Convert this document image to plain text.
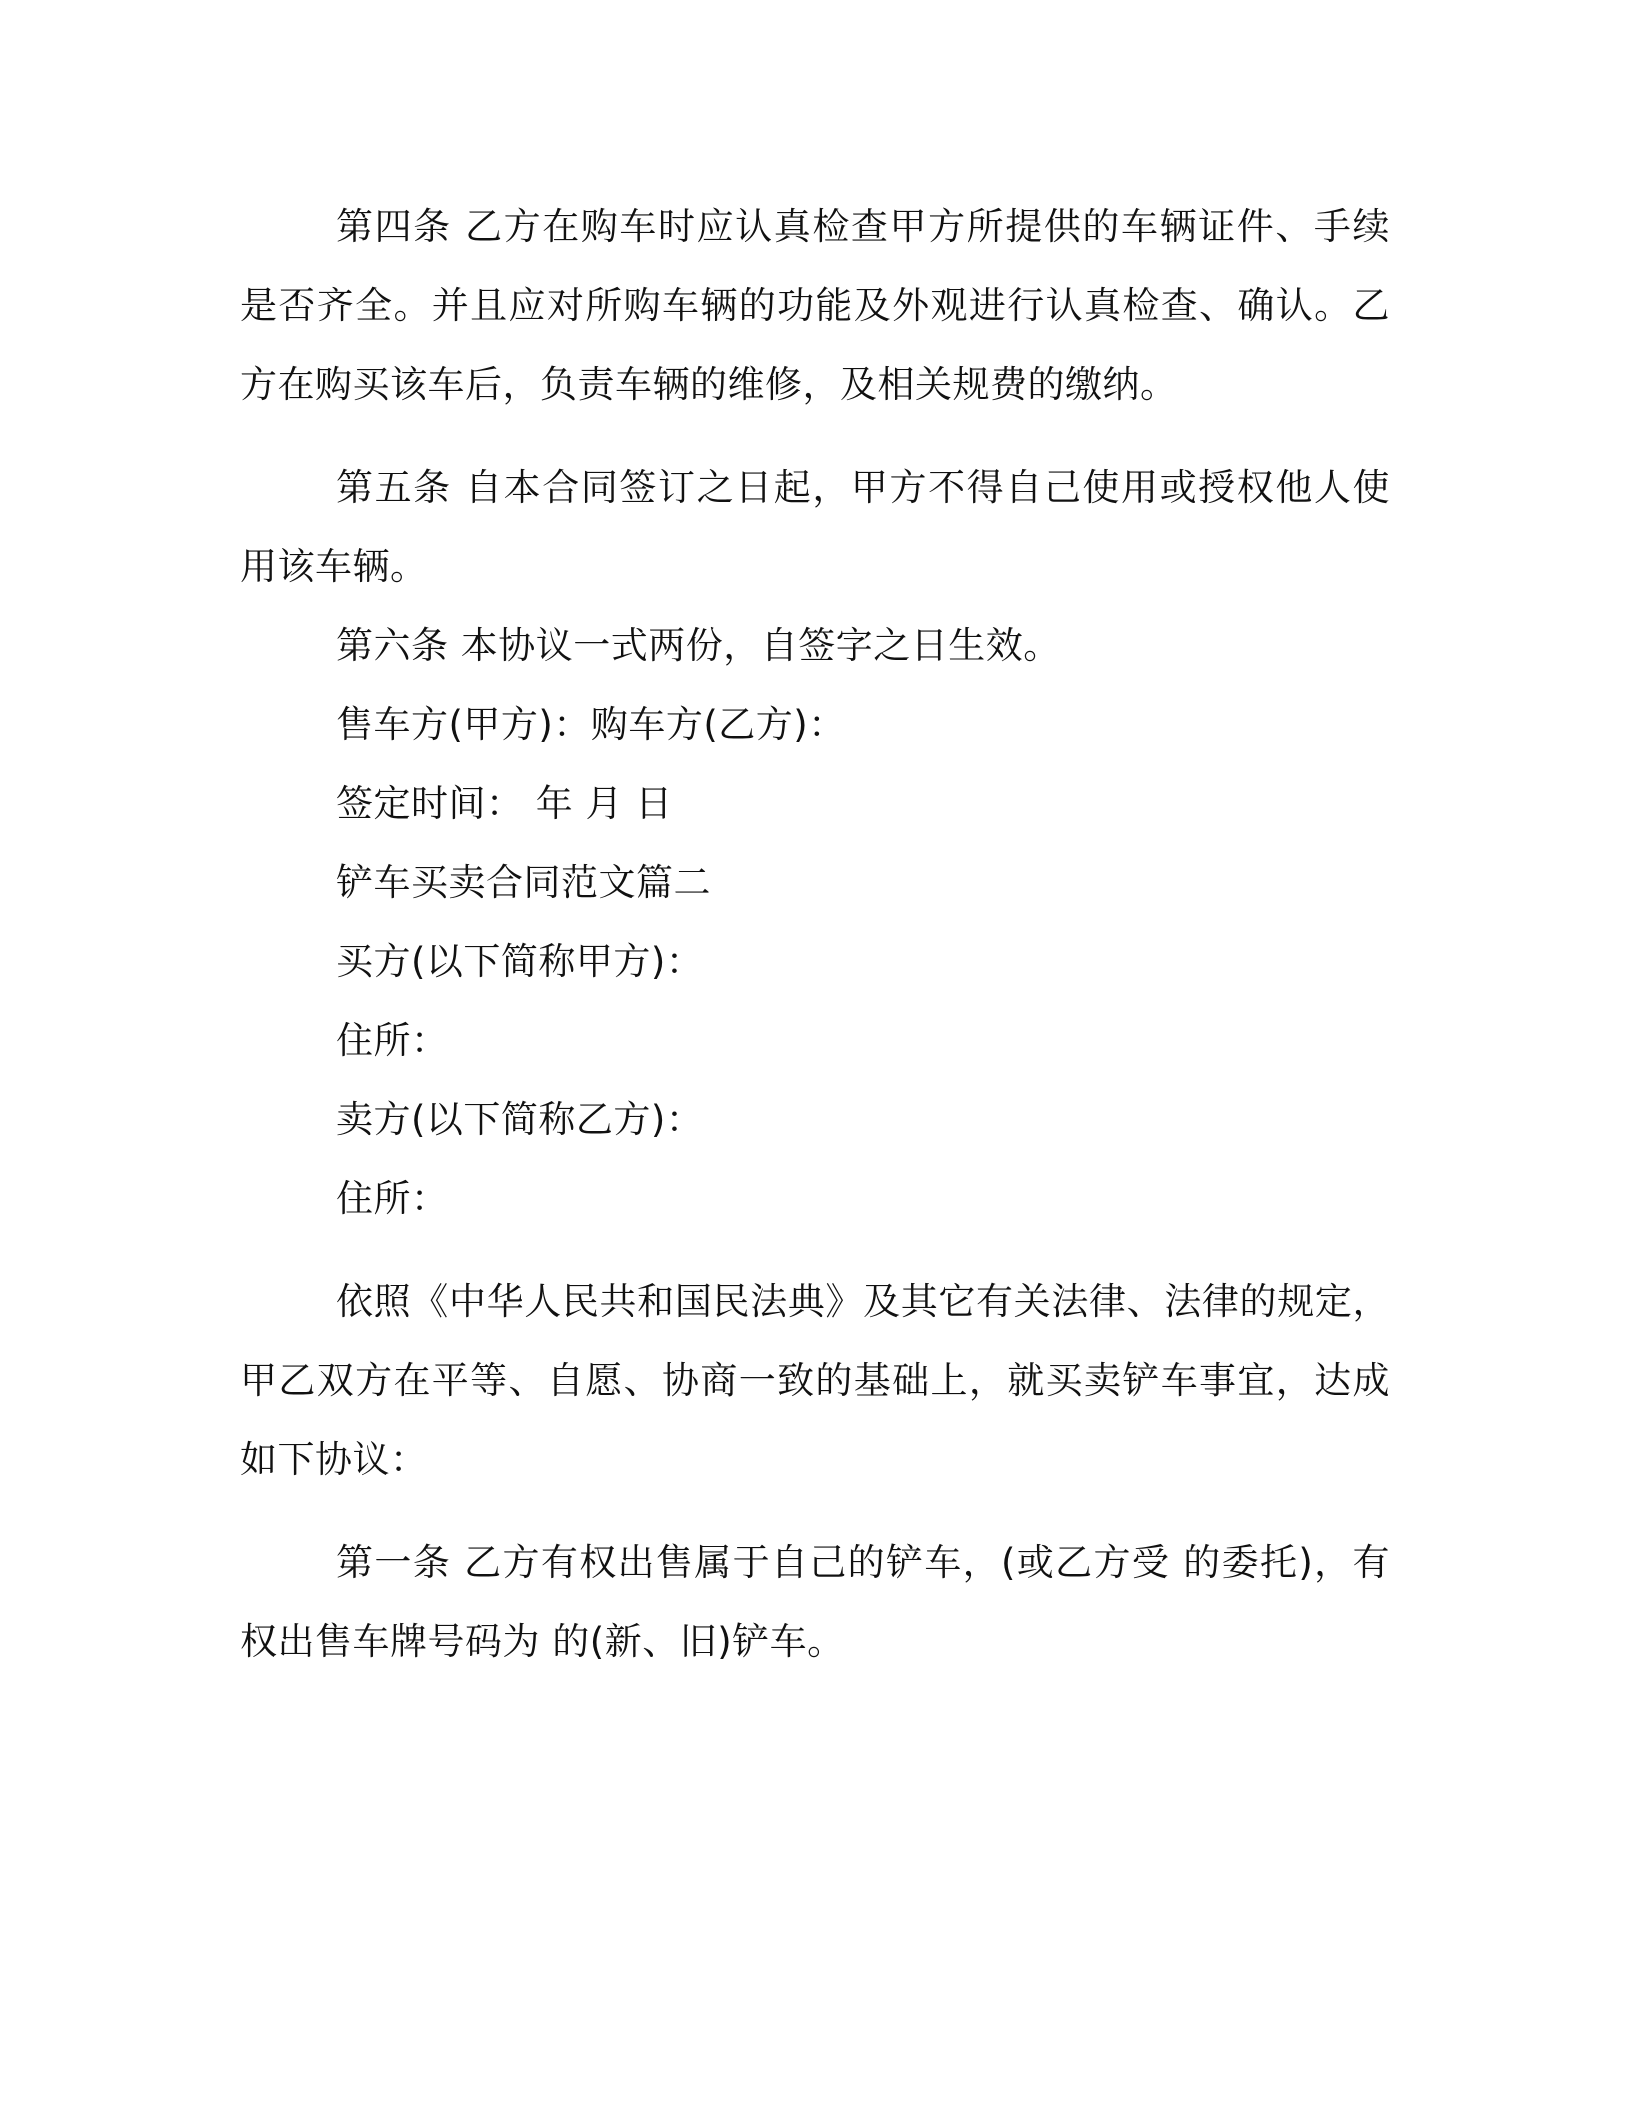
第四条 乙方在购车时应认真检查甲方所提供的车辆证件、手续是否齐全。并且应对所购车辆的功能及外观进行认真检查、确认。乙方在购买该车后，负责车辆的维修，及相关规费的缴纳。

第五条 自本合同签订之日起，甲方不得自己使用或授权他人使用该车辆。

第六条 本协议一式两份，自签字之日生效。

售车方(甲方)：购车方(乙方)：

签定时间： 年 月 日

铲车买卖合同范文篇二

买方(以下简称甲方)：

住所：

卖方(以下简称乙方)：

住所：

依照《中华人民共和国民法典》及其它有关法律、法律的规定，甲乙双方在平等、自愿、协商一致的基础上，就买卖铲车事宜，达成如下协议：

第一条 乙方有权出售属于自己的铲车，(或乙方受 的委托)，有权出售车牌号码为 的(新、旧)铲车。
